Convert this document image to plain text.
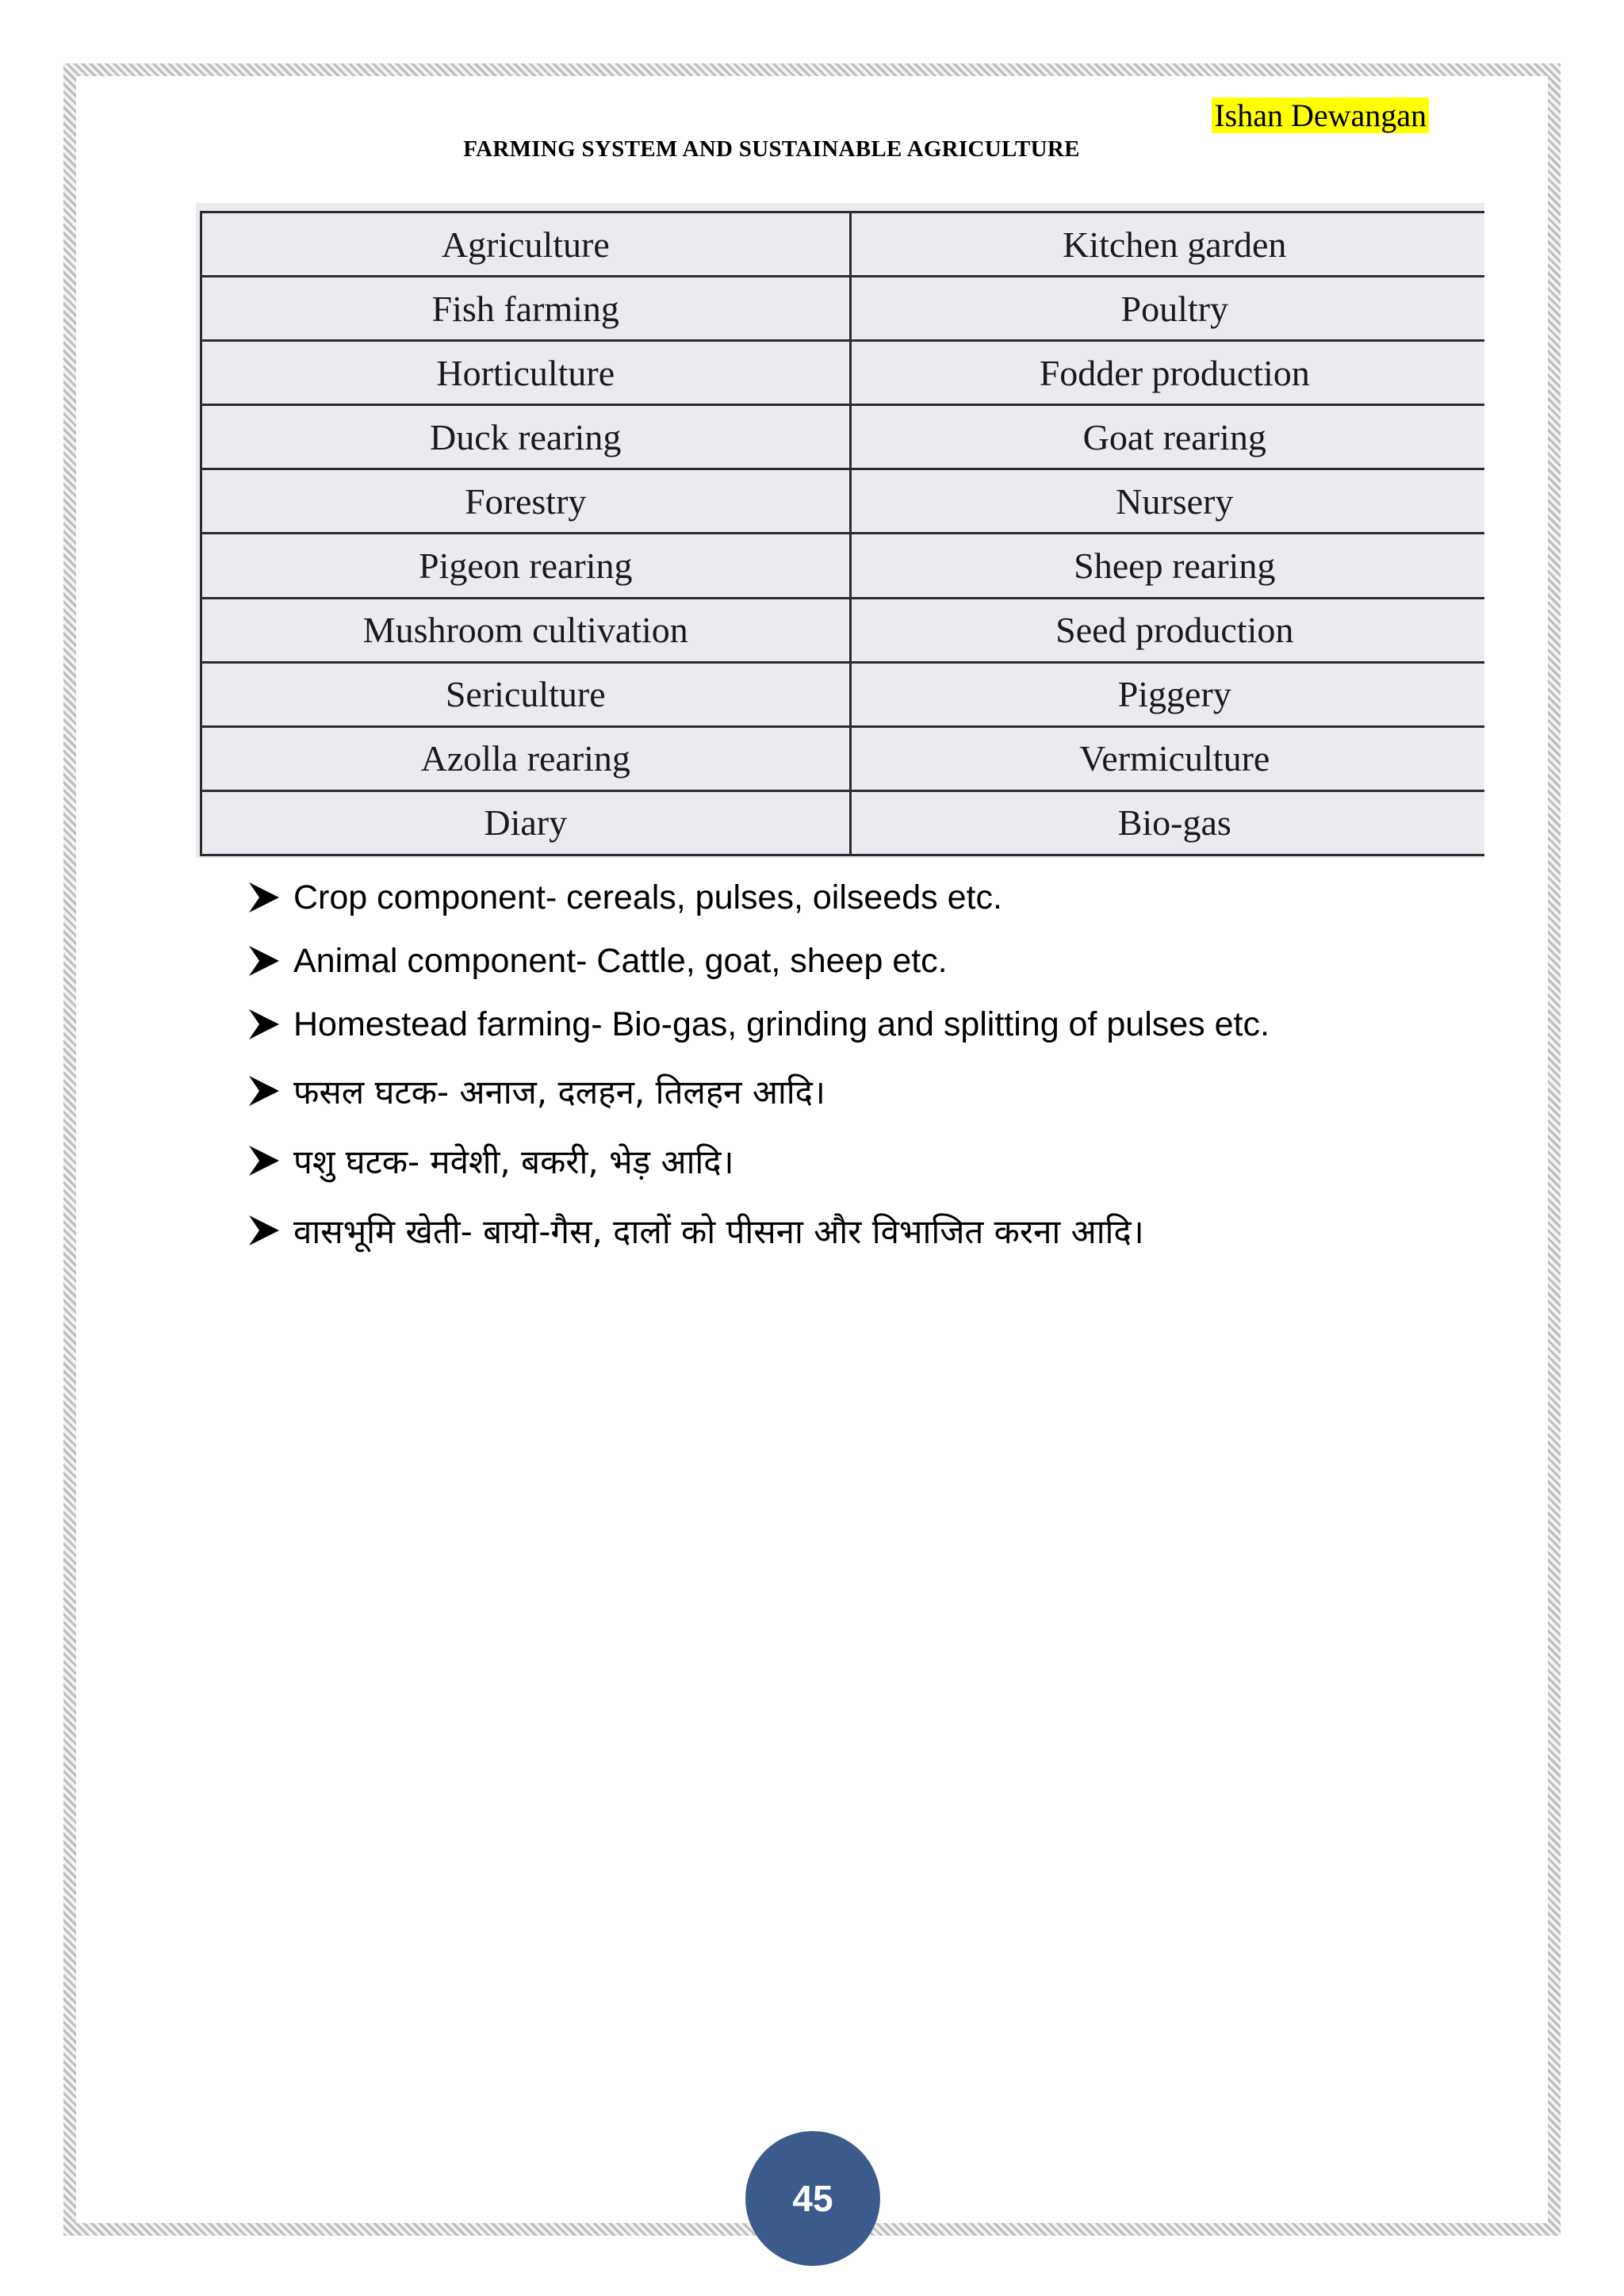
Ishan Dewangan
FARMING SYSTEM AND SUSTAINABLE AGRICULTURE
Agriculture	Kitchen garden
Fish farming	Poultry
Horticulture	Fodder production
Duck rearing	Goat rearing
Forestry	Nursery
Pigeon rearing	Sheep rearing
Mushroom cultivation	Seed production
Sericulture	Piggery
Azolla rearing	Vermiculture
Diary	Bio-gas
Crop component- cereals, pulses, oilseeds etc.
Animal component- Cattle, goat, sheep etc.
Homestead farming- Bio-gas, grinding and splitting of pulses etc.
फसल घटक- अनाज, दलहन, तिलहन आदि।
पशु घटक- मवेशी, बकरी, भेड़ आदि।
वासभूमि खेती- बायो-गैस, दालों को पीसना और विभाजित करना आदि।
45
